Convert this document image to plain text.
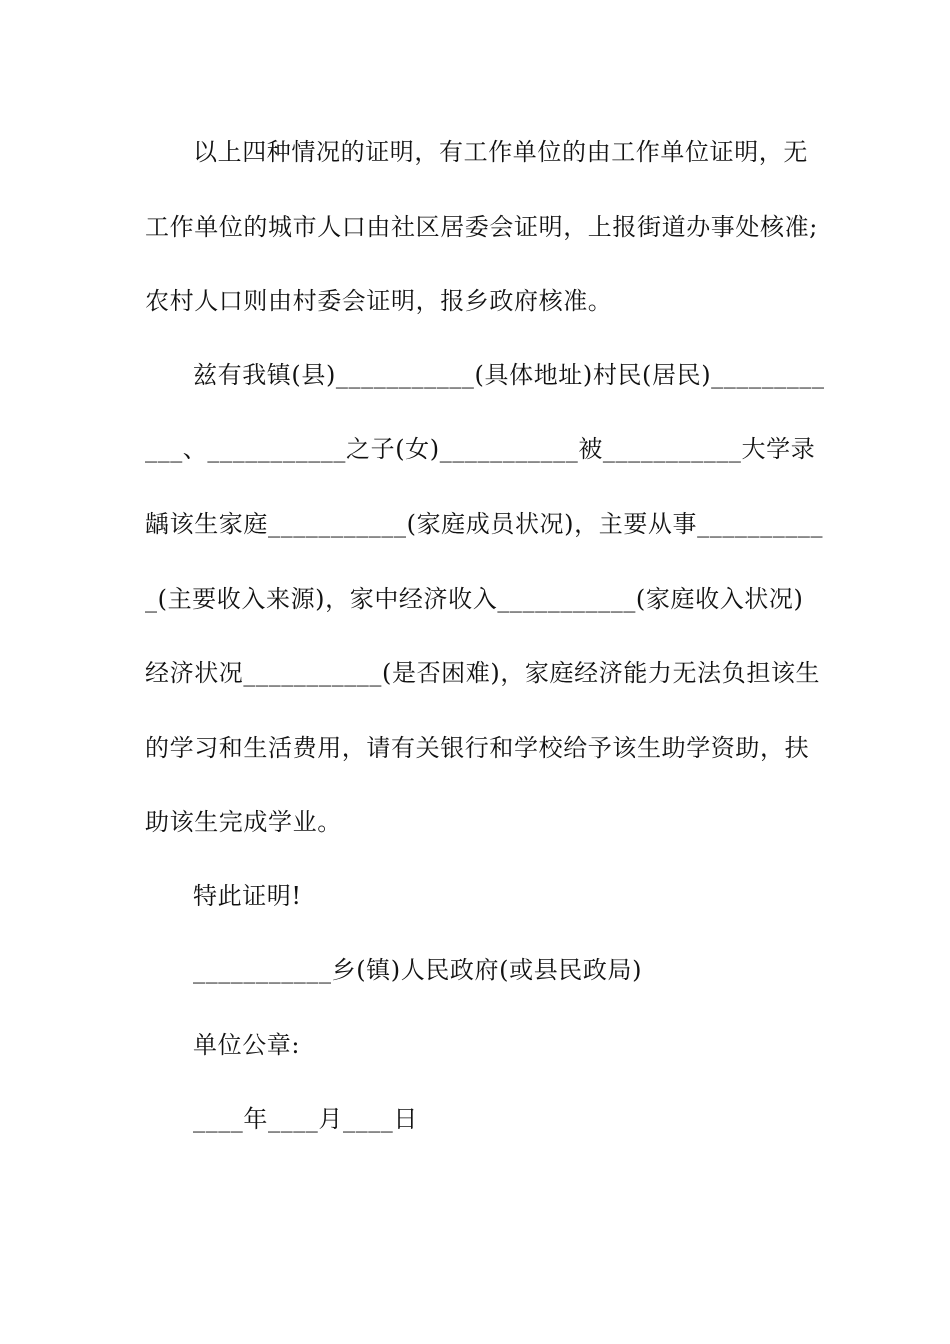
以上四种情况的证明，有工作单位的由工作单位证明，无
工作单位的城市人口由社区居委会证明，上报街道办事处核准;
农村人口则由村委会证明，报乡政府核准。
兹有我镇(县)___________(具体地址)村民(居民)_________
___、___________之子(女)___________被___________大学录
龋该生家庭___________(家庭成员状况)，主要从事__________
_(主要收入来源)，家中经济收入___________(家庭收入状况)
经济状况___________(是否困难)，家庭经济能力无法负担该生
的学习和生活费用，请有关银行和学校给予该生助学资助，扶
助该生完成学业。
特此证明!
___________乡(镇)人民政府(或县民政局)
单位公章:
____年____月____日
